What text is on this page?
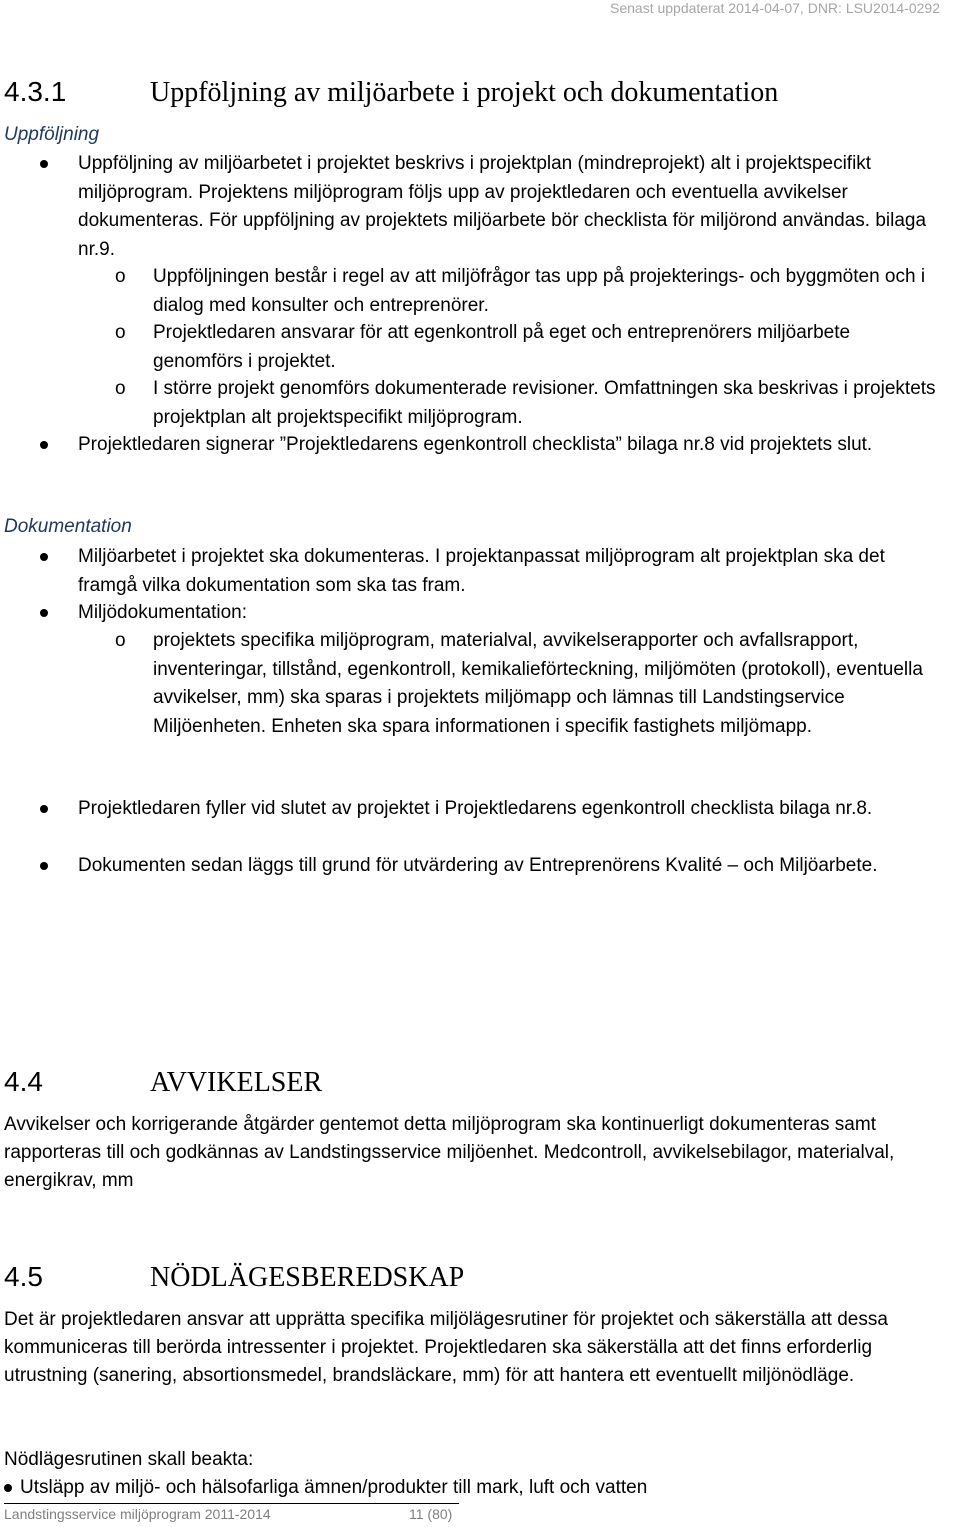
Senast uppdaterat 2014-04-07, DNR: LSU2014-0292
4.3.1	Uppföljning av miljöarbete i projekt och dokumentation
Uppföljning
Uppföljning av miljöarbetet i projektet beskrivs i projektplan (mindreprojekt) alt i projektspecifikt miljöprogram. Projektens miljöprogram följs upp av projektledaren och eventuella avvikelser dokumenteras. För uppföljning av projektets miljöarbete bör checklista för miljörond användas. bilaga nr.9.
o Uppföljningen består i regel av att miljöfrågor tas upp på projekterings- och byggmöten och i dialog med konsulter och entreprenörer.
o Projektledaren ansvarar för att egenkontroll på eget och entreprenörers miljöarbete genomförs i projektet.
o I större projekt genomförs dokumenterade revisioner. Omfattningen ska beskrivas i projektets projektplan alt projektspecifikt miljöprogram.
Projektledaren signerar ”Projektledarens egenkontroll checklista” bilaga nr.8 vid projektets slut.
Dokumentation
Miljöarbetet i projektet ska dokumenteras. I projektanpassat miljöprogram alt projektplan ska det framgå vilka dokumentation som ska tas fram.
Miljödokumentation:
o projektets specifika miljöprogram, materialval, avvikelserapporter och avfallsrapport, inventeringar, tillstånd, egenkontroll, kemikalieförteckning, miljömöten (protokoll), eventuella avvikelser, mm) ska sparas i projektets miljömapp och lämnas till Landstingservice Miljöenheten. Enheten ska spara informationen i specifik fastighets miljömapp.
Projektledaren fyller vid slutet av projektet i Projektledarens egenkontroll checklista bilaga nr.8.
Dokumenten sedan läggs till grund för utvärdering av Entreprenörens Kvalité – och Miljöarbete.
4.4	AVVIKELSER
Avvikelser och korrigerande åtgärder gentemot detta miljöprogram ska kontinuerligt dokumenteras samt rapporteras till och godkännas av Landstingsservice miljöenhet. Medcontroll, avvikelsebilagor, materialval, energikrav, mm
4.5	NÖDLÄGESBEREDSKAP
Det är projektledaren ansvar att upprätta specifika miljölägesrutiner för projektet och säkerställa att dessa kommuniceras till berörda intressenter i projektet. Projektledaren ska säkerställa att det finns erforderlig utrustning (sanering, absortionsmedel, brandsläckare, mm) för att hantera ett eventuellt miljönödläge.
Nödlägesrutinen skall beakta:
Utsläpp av miljö- och hälsofarliga ämnen/produkter till mark, luft och vatten
Landstingsservice miljöprogram 2011-2014	11 (80)
